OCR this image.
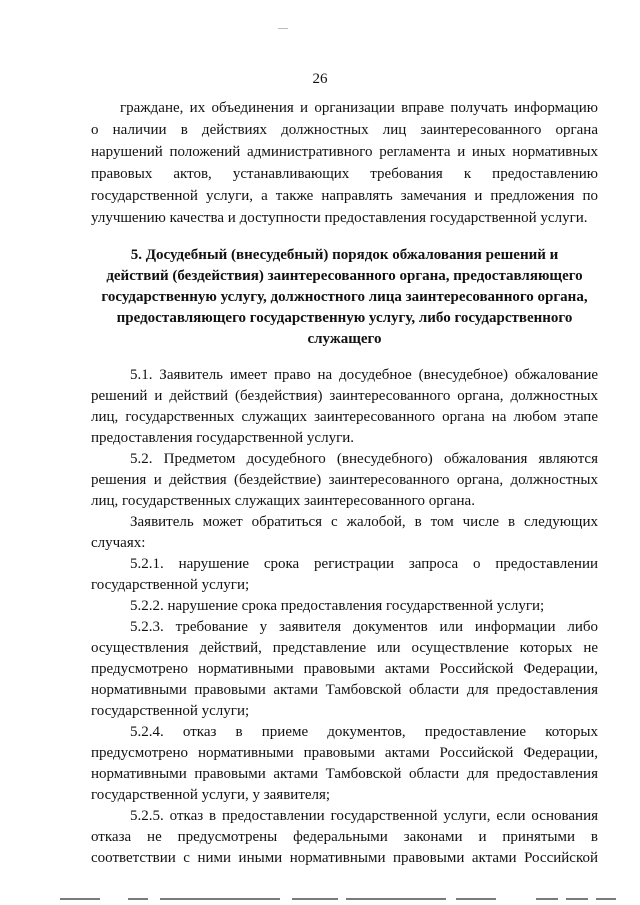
26
граждане, их объединения и организации вправе получать информацию
о наличии в действиях должностных лиц заинтересованного органа
нарушений положений административного регламента и иных нормативных
правовых актов, устанавливающих требования к предоставлению
государственной услуги, а также направлять замечания и предложения по
улучшению качества и доступности предоставления государственной услуги.
5. Досудебный (внесудебный) порядок обжалования решений и
действий (бездействия) заинтересованного органа, предоставляющего
государственную услугу, должностного лица заинтересованного органа,
предоставляющего государственную услугу, либо государственного
служащего
5.1. Заявитель имеет право на досудебное (внесудебное) обжалование
решений и действий (бездействия) заинтересованного органа, должностных
лиц, государственных служащих заинтересованного органа на любом этапе
предоставления государственной услуги.
5.2. Предметом досудебного (внесудебного) обжалования являются
решения и действия (бездействие) заинтересованного органа, должностных
лиц, государственных служащих заинтересованного органа.
Заявитель может обратиться с жалобой, в том числе в следующих
случаях:
5.2.1. нарушение срока регистрации запроса о предоставлении
государственной услуги;
5.2.2. нарушение срока предоставления государственной услуги;
5.2.3. требование у заявителя документов или информации либо
осуществления действий, представление или осуществление которых не
предусмотрено нормативными правовыми актами Российской Федерации,
нормативными правовыми актами Тамбовской области для предоставления
государственной услуги;
5.2.4. отказ в приеме документов, предоставление которых
предусмотрено нормативными правовыми актами Российской Федерации,
нормативными правовыми актами Тамбовской области для предоставления
государственной услуги, у заявителя;
5.2.5. отказ в предоставлении государственной услуги, если основания
отказа не предусмотрены федеральными законами и принятыми в
соответствии с ними иными нормативными правовыми актами Российской
